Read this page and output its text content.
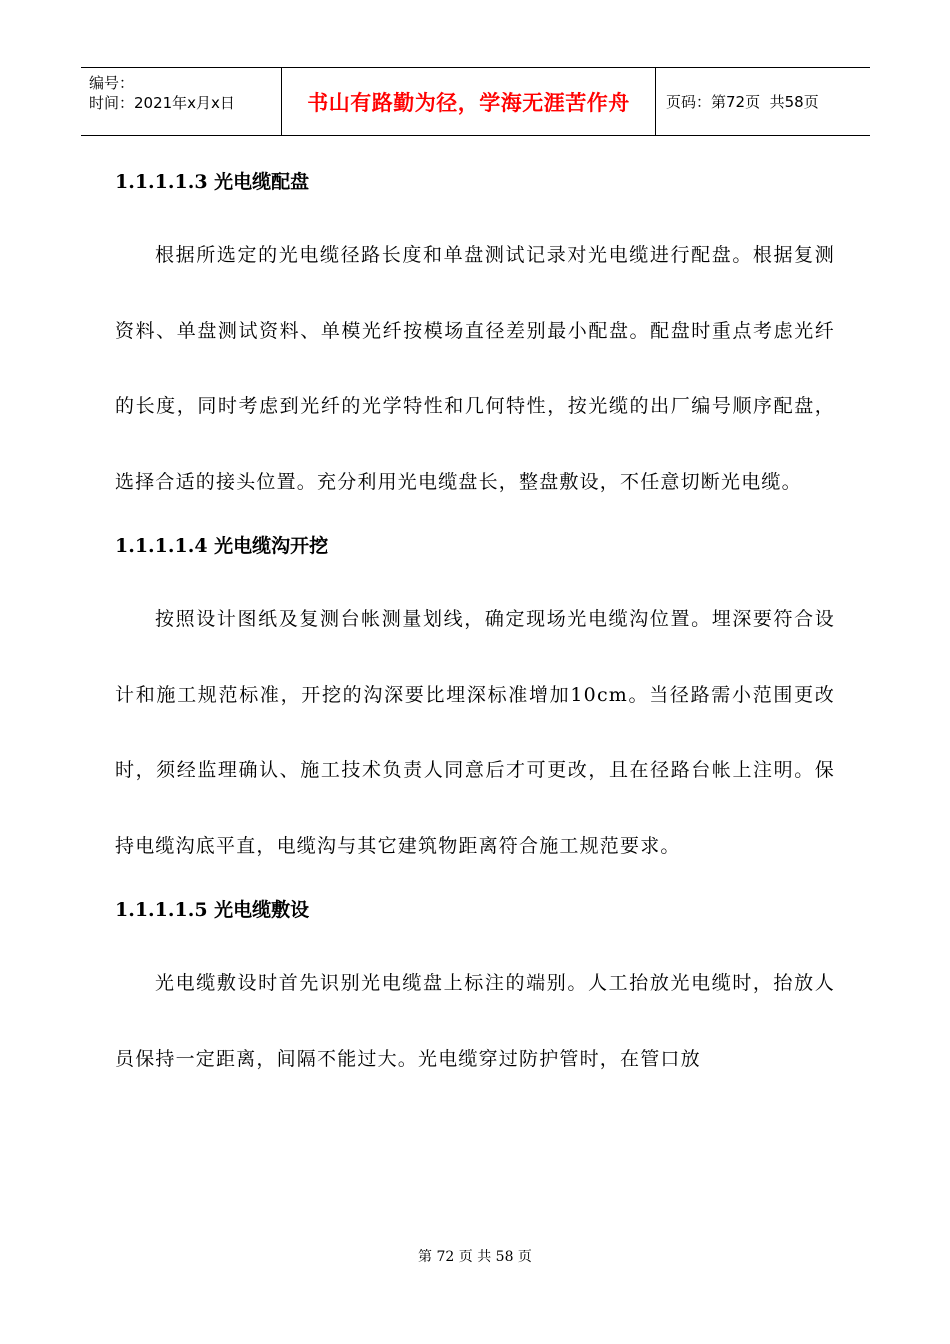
编号：
时间：2021年x月x日	书山有路勤为径，学海无涯苦作舟 页码：第72页  共58页
1.1.1.1.3 光电缆配盘

根据所选定的光电缆径路长度和单盘测试记录对光电缆进行配盘。根据复测资料、单盘测试资料、单模光纤按模场直径差别最小配盘。配盘时重点考虑光纤的长度，同时考虑到光纤的光学特性和几何特性，按光缆的出厂编号顺序配盘，选择合适的接头位置。充分利用光电缆盘长，整盘敷设，不任意切断光电缆。

1.1.1.1.4 光电缆沟开挖

按照设计图纸及复测台帐测量划线，确定现场光电缆沟位置。埋深要符合设计和施工规范标准，开挖的沟深要比埋深标准增加10cm。当径路需小范围更改时，须经监理确认、施工技术负责人同意后才可更改，且在径路台帐上注明。保持电缆沟底平直，电缆沟与其它建筑物距离符合施工规范要求。

1.1.1.1.5 光电缆敷设

光电缆敷设时首先识别光电缆盘上标注的端别。人工抬放光电缆时，抬放人员保持一定距离，间隔不能过大。光电缆穿过防护管时，在管口放

第 72 页 共 58 页
